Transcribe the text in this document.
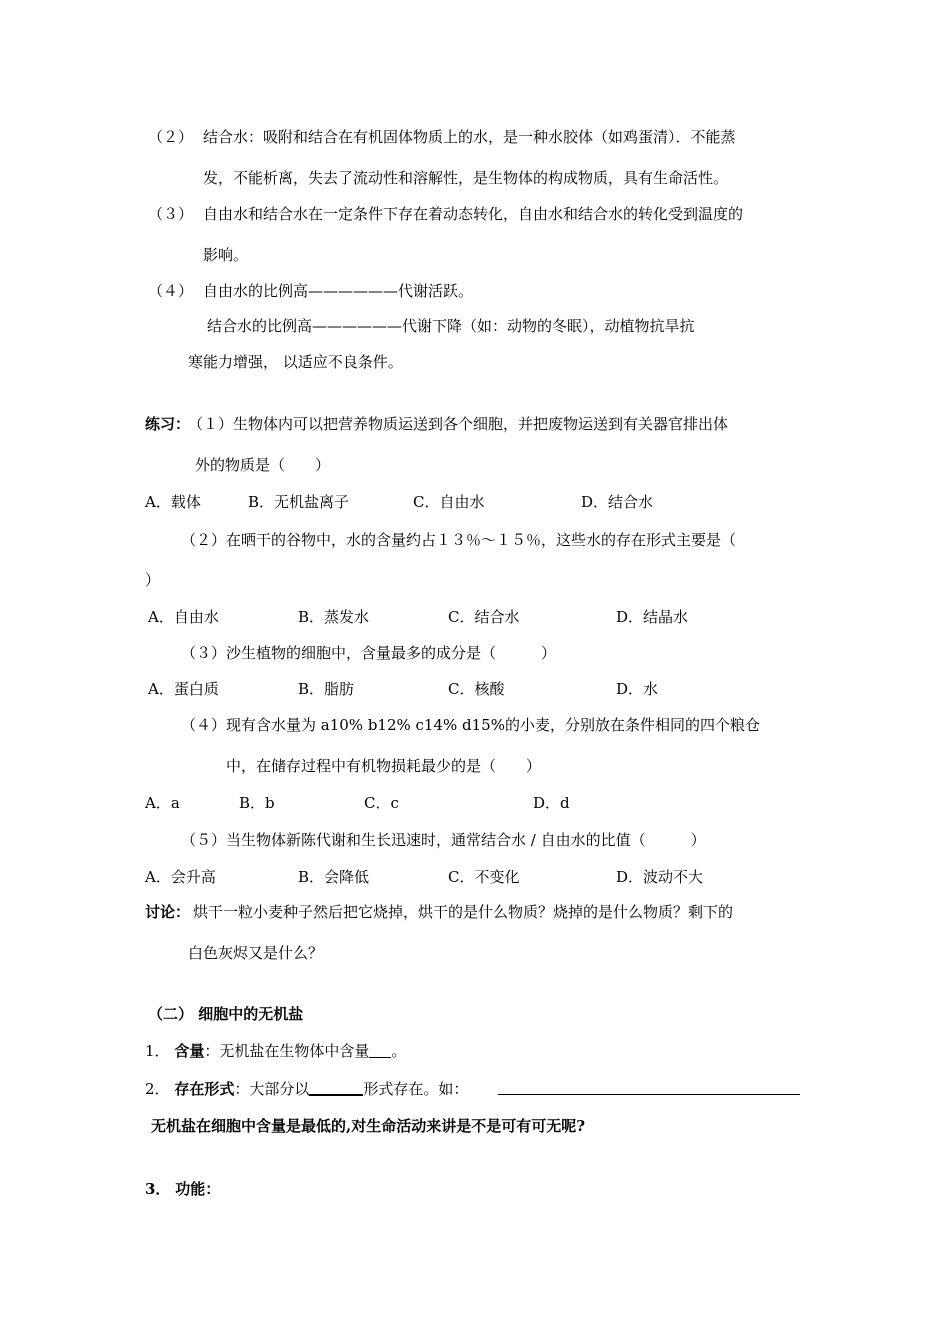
（２） 结合水：吸附和结合在有机固体物质上的水，是一种水胶体（如鸡蛋清）．不能蒸
发，不能析离，失去了流动性和溶解性，是生物体的构成物质，具有生命活性。
（３） 自由水和结合水在一定条件下存在着动态转化，自由水和结合水的转化受到温度的
影响。
（４） 自由水的比例高——————代谢活跃。
结合水的比例高——————代谢下降（如：动物的冬眠），动植物抗旱抗
寒能力增强， 以适应不良条件。
练习：
（１）生物体内可以把营养物质运送到各个细胞，并把废物运送到有关器官排出体
外的物质是（　　）
A．载体	B．无机盐离子	C．自由水	D．结合水
（２）在晒干的谷物中，水的含量约占１３％～１５％，这些水的存在形式主要是（
）
A．自由水	B．蒸发水	C．结合水	D．结晶水
（３）沙生植物的细胞中，含量最多的成分是（　　　）
A．蛋白质	B．脂肪	C．核酸	D．水
（４）现有含水量为 a10% b12% c14% d15%的小麦，分别放在条件相同的四个粮仓
中，在储存过程中有机物损耗最少的是（　　）
A．a	B．b	C．c	D．d
（５）当生物体新陈代谢和生长迅速时，通常结合水 / 自由水的比值（　　　）
A．会升高	B．会降低	C．不变化	D．波动不大
讨论： 烘干一粒小麦种子然后把它烧掉，烘干的是什么物质？烧掉的是什么物质？剩下的
白色灰烬又是什么？
（二） 细胞中的无机盐
1． 含量：无机盐在生物体中含量 。
2． 存在形式：大部分以	形式存在。如：
无机盐在细胞中含量是最低的,对生命活动来讲是不是可有可无呢?
3． 功能：
